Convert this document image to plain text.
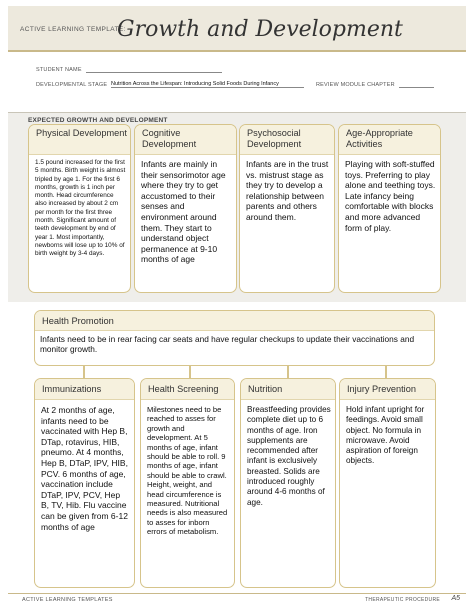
ACTIVE LEARNING TEMPLATE:
Growth and Development
STUDENT NAME
DEVELOPMENTAL STAGE Nutrition Across the Lifespan: Introducing Solid Foods During Infancy	REVIEW MODULE CHAPTER
EXPECTED GROWTH AND DEVELOPMENT
Physical Development
1.5 pound increased for the first 5 months. Birth weight is almost tripled by age 1. For the first 6 months, growth is 1 inch per month. Head circumference also increased by about 2 cm per month for the first three month. Significant amount of teeth development by end of year 1. Most importantly, newborns will lose up to 10% of birth weight by 3-4 days.
Cognitive Development
Infants are mainly in their sensorimotor age where they try to get accustomed to their senses and environment around them. They start to understand object permanence at 9-10 months of age
Psychosocial Development
Infants are in the trust vs. mistrust stage as they try to develop a relationship between parents and others around them.
Age-Appropriate Activities
Playing with soft-stuffed toys. Preferring to play alone and teething toys. Late infancy being comfortable with blocks and more advanced form of play.
Health Promotion
Infants need to be in rear facing car seats and have regular checkups to update their vaccinations and monitor growth.
Immunizations
At 2 months of age, infants need to be vaccinated with Hep B, DTap, rotavirus, HIB, pneumo. At 4 months, Hep B, DTaP, IPV, HIB, PCV. 6 months of age, vaccination include DTaP, IPV, PCV, Hep B, TV, Hib. Flu vaccine can be given from 6-12 months of age
Health Screening
Milestones need to be reached to asses for growth and development. At 5 months of age, infant should be able to roll. 9 months of age, infant should be able to crawl. Height, weight, and head circumference is measured. Nutritional needs is also measured to asses for inborn errors of metabolism.
Nutrition
Breastfeeding provides complete diet up to 6 months of age. Iron supplements are recommended after infant is exclusively breasted. Solids are introduced roughly around 4-6 months of age.
Injury Prevention
Hold infant upright for feedings. Avoid small object. No formula in microwave. Avoid aspiration of foreign objects.
ACTIVE LEARNING TEMPLATES	THERAPEUTIC PROCEDURE A5
